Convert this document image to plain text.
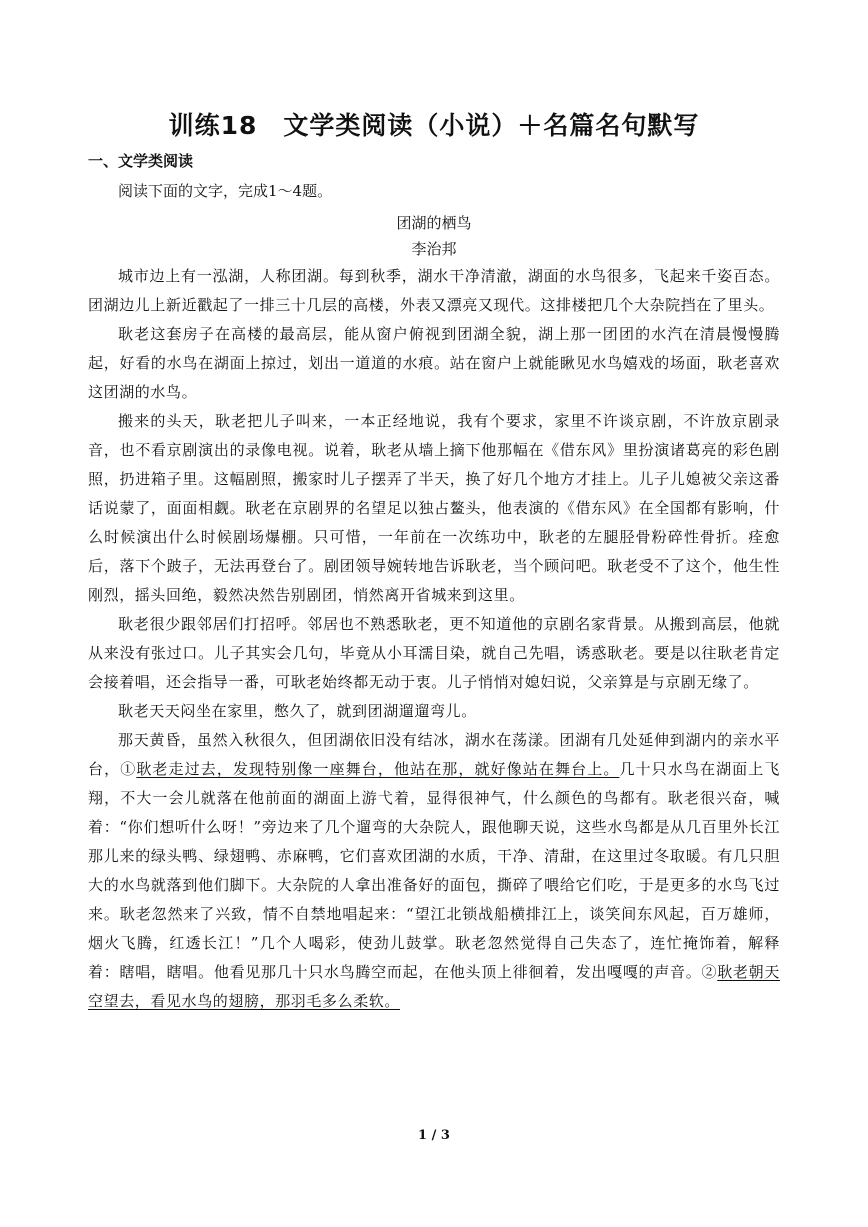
训练18　文学类阅读（小说）＋名篇名句默写
一、文学类阅读
阅读下面的文字，完成1～4题。
团湖的栖鸟
李治邦

城市边上有一泓湖，人称团湖。每到秋季，湖水干净清澈，湖面的水鸟很多，飞起来千姿百态。团湖边儿上新近戳起了一排三十几层的高楼，外表又漂亮又现代。这排楼把几个大杂院挡在了里头。

耿老这套房子在高楼的最高层，能从窗户俯视到团湖全貌，湖上那一团团的水汽在清晨慢慢腾起，好看的水鸟在湖面上掠过，划出一道道的水痕。站在窗户上就能瞅见水鸟嬉戏的场面，耿老喜欢这团湖的水鸟。

搬来的头天，耿老把儿子叫来，一本正经地说，我有个要求，家里不许谈京剧，不许放京剧录音，也不看京剧演出的录像电视。说着，耿老从墙上摘下他那幅在《借东风》里扮演诸葛亮的彩色剧照，扔进箱子里。这幅剧照，搬家时儿子摆弄了半天，换了好几个地方才挂上。儿子儿媳被父亲这番话说蒙了，面面相觑。耿老在京剧界的名望足以独占鳌头，他表演的《借东风》在全国都有影响，什么时候演出什么时候剧场爆棚。只可惜，一年前在一次练功中，耿老的左腿胫骨粉碎性骨折。痊愈后，落下个跛子，无法再登台了。剧团领导婉转地告诉耿老，当个顾问吧。耿老受不了这个，他生性刚烈，摇头回绝，毅然决然告别剧团，悄然离开省城来到这里。

耿老很少跟邻居们打招呼。邻居也不熟悉耿老，更不知道他的京剧名家背景。从搬到高层，他就从来没有张过口。儿子其实会几句，毕竟从小耳濡目染，就自己先唱，诱惑耿老。要是以往耿老肯定会接着唱，还会指导一番，可耿老始终都无动于衷。儿子悄悄对媳妇说，父亲算是与京剧无缘了。

耿老天天闷坐在家里，憋久了，就到团湖遛遛弯儿。

那天黄昏，虽然入秋很久，但团湖依旧没有结冰，湖水在荡漾。团湖有几处延伸到湖内的亲水平台，①耿老走过去，发现特别像一座舞台，他站在那，就好像站在舞台上。几十只水鸟在湖面上飞翔，不大一会儿就落在他前面的湖面上游弋着，显得很神气，什么颜色的鸟都有。耿老很兴奋，喊着：“你们想听什么呀！”旁边来了几个遛弯的大杂院人，跟他聊天说，这些水鸟都是从几百里外长江那儿来的绿头鸭、绿翅鸭、赤麻鸭，它们喜欢团湖的水质，干净、清甜，在这里过冬取暖。有几只胆大的水鸟就落到他们脚下。大杂院的人拿出准备好的面包，撕碎了喂给它们吃，于是更多的水鸟飞过来。耿老忽然来了兴致，情不自禁地唱起来：“望江北锁战船横排江上，谈笑间东风起，百万雄师，烟火飞腾，红透长江！”几个人喝彩，使劲儿鼓掌。耿老忽然觉得自己失态了，连忙掩饰着，解释着：瞎唱，瞎唱。他看见那几十只水鸟腾空而起，在他头顶上徘徊着，发出嘎嘎的声音。②耿老朝天空望去，看见水鸟的翅膀，那羽毛多么柔软。

1 / 3
